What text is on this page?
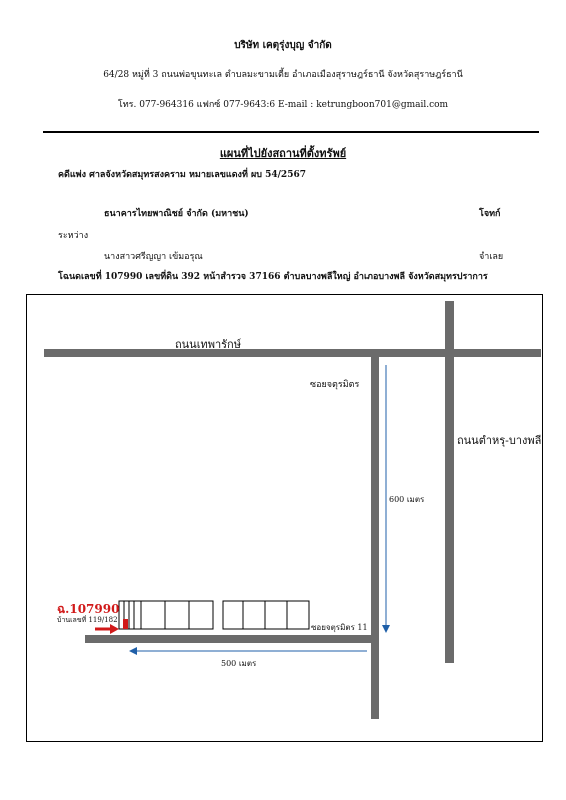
บริษัท เคตุรุ่งบุญ จำกัด
64/28 หมู่ที่ 3 ถนนพ่อขุนทะเล ตำบลมะขามเตี้ย อำเภอเมืองสุราษฎร์ธานี จังหวัดสุราษฎร์ธานี
โทร. 077-964316 แฟกซ์ 077-9643:6 E-mail : ketrungboon701@gmail.com
แผนที่ไปยังสถานที่ตั้งทรัพย์
คดีแพ่ง ศาลจังหวัดสมุทรสงคราม หมายเลขแดงที่ ผบ 54/2567
ธนาคารไทยพาณิชย์ จำกัด (มหาชน)	โจทก์
ระหว่าง
นางสาวศรีญญา เข้มอรุณ	จำเลย
โฉนดเลขที่ 107990 เลขที่ดิน 392 หน้าสำรวจ 37166 ตำบลบางพลีใหญ่ อำเภอบางพลี จังหวัดสมุทรปราการ
ถนนเทพารักษ์
ซอยจตุรมิตร
ถนนตำหรุ-บางพลี
600 เมตร
ซอยจตุรมิตร 11
500 เมตร
ฉ.107990
บ้านเลขที่ 119/182
